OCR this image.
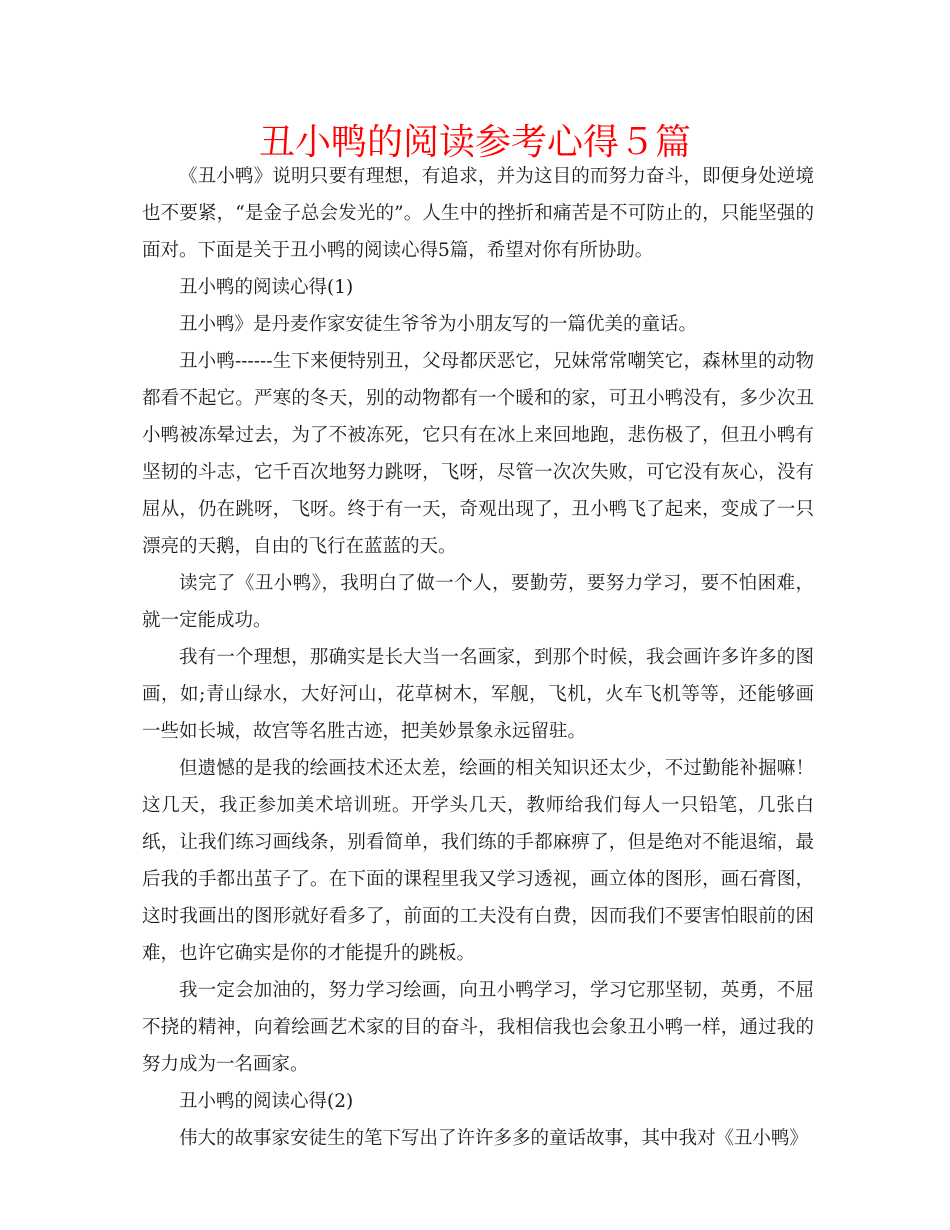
丑小鸭的阅读参考心得５篇

《丑小鸭》说明只要有理想，有追求，并为这目的而努力奋斗，即便身处逆境也不要紧，“是金子总会发光的”。人生中的挫折和痛苦是不可防止的，只能坚强的面对。下面是关于丑小鸭的阅读心得5篇，希望对你有所协助。

丑小鸭的阅读心得(1)

丑小鸭》是丹麦作家安徒生爷爷为小朋友写的一篇优美的童话。

丑小鸭------生下来便特别丑，父母都厌恶它，兄妹常常嘲笑它，森林里的动物都看不起它。严寒的冬天，别的动物都有一个暖和的家，可丑小鸭没有，多少次丑小鸭被冻晕过去，为了不被冻死，它只有在冰上来回地跑，悲伤极了，但丑小鸭有坚韧的斗志，它千百次地努力跳呀，飞呀，尽管一次次失败，可它没有灰心，没有屈从，仍在跳呀，飞呀。终于有一天，奇观出现了，丑小鸭飞了起来，变成了一只漂亮的天鹅，自由的飞行在蓝蓝的天。

读完了《丑小鸭》，我明白了做一个人，要勤劳，要努力学习，要不怕困难，就一定能成功。

我有一个理想，那确实是长大当一名画家，到那个时候，我会画许多许多的图画，如;青山绿水，大好河山，花草树木，军舰，飞机，火车飞机等等，还能够画一些如长城，故宫等名胜古迹，把美妙景象永远留驻。

但遗憾的是我的绘画技术还太差，绘画的相关知识还太少，不过勤能补掘嘛！这几天，我正参加美术培训班。开学头几天，教师给我们每人一只铅笔，几张白纸，让我们练习画线条，别看简单，我们练的手都麻痹了，但是绝对不能退缩，最后我的手都出茧子了。在下面的课程里我又学习透视，画立体的图形，画石膏图，这时我画出的图形就好看多了，前面的工夫没有白费，因而我们不要害怕眼前的困难，也许它确实是你的才能提升的跳板。

我一定会加油的，努力学习绘画，向丑小鸭学习，学习它那坚韧，英勇，不屈不挠的精神，向着绘画艺术家的目的奋斗，我相信我也会象丑小鸭一样，通过我的努力成为一名画家。

丑小鸭的阅读心得(2)

伟大的故事家安徒生的笔下写出了许许多多的童话故事，其中我对《丑小鸭》
